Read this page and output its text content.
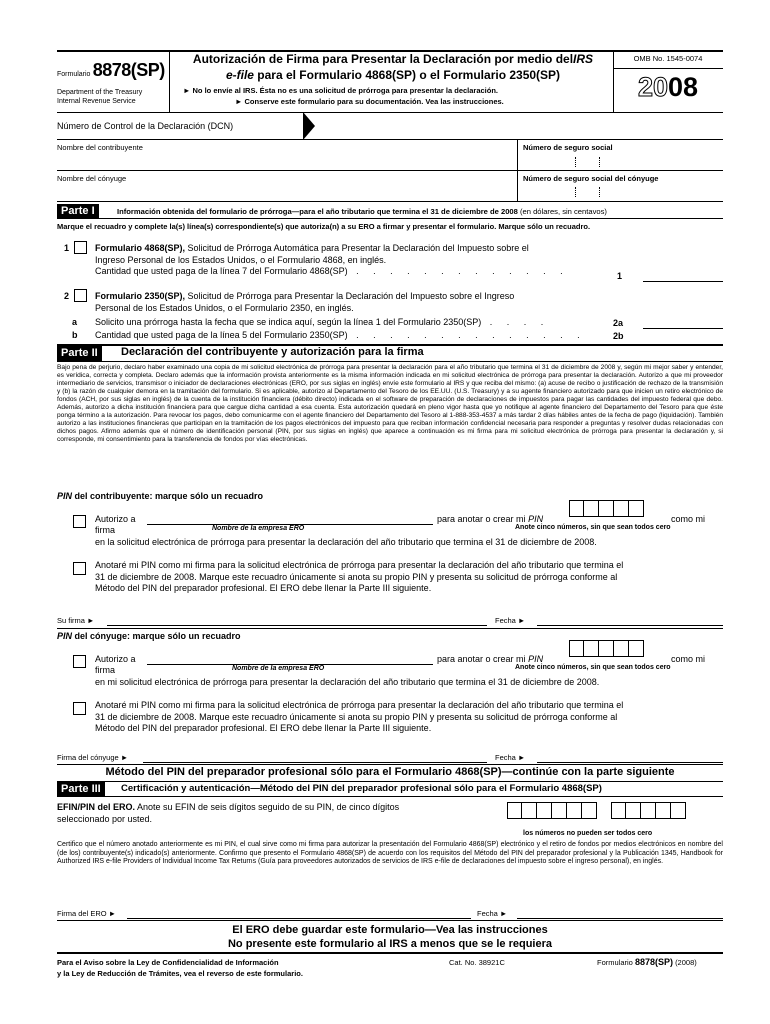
Formulario 8878(SP)
Department of the Treasury
Internal Revenue Service
Autorización de Firma para Presentar la Declaración por medio delIRS
e-file para el Formulario 4868(SP) o el Formulario 2350(SP)
► No lo envíe al IRS. Ésta no es una solicitud de prórroga para presentar la declaración.
► Conserve este formulario para su documentación. Vea las instrucciones.
OMB No. 1545-0074
2008
Número de Control de la Declaración (DCN)
Nombre del contribuyente	Número de seguro social
Nombre del cónyuge	Número de seguro social del cónyuge
Parte I	Información obtenida del formulario de prórroga—para el año tributario que termina el 31 de diciembre de 2008 (en dólares, sin centavos)
Marque el recuadro y complete la(s) línea(s) correspondiente(s) que autoriza(n) a su ERO a firmar y presentar el formulario. Marque sólo un recuadro.
1	Formulario 4868(SP), Solicitud de Prórroga Automática para Presentar la Declaración del Impuesto sobre el
Ingreso Personal de los Estados Unidos, o el Formulario 4868, en inglés.
Cantidad que usted paga de la línea 7 del Formulario 4868(SP) . . . . . . . . . . . . .	1
2	Formulario 2350(SP), Solicitud de Prórroga para Presentar la Declaración del Impuesto sobre el Ingreso
Personal de los Estados Unidos, o el Formulario 2350, en inglés.
a Solicito una prórroga hasta la fecha que se indica aquí, según la línea 1 del Formulario 2350(SP) . . . .	2a
b Cantidad que usted paga de la línea 5 del Formulario 2350(SP) . . . . . . . . . . . . . .	2b
Parte II	Declaración del contribuyente y autorización para la firma
Bajo pena de perjurio, declaro haber examinado una copia de mi solicitud electrónica de prórroga para presentar la declaración para el año tributario que termina el 31 de diciembre de 2008 y, según mi mejor saber y entender, es verídica, correcta y completa. Declaro además que la información provista anteriormente es la misma información indicada en mi solicitud electrónica de prórroga para presentar la declaración. Autorizo a que mi proveedor intermediario de servicios, transmisor o iniciador de declaraciones electrónicas (ERO, por sus siglas en inglés) envíe este formulario al IRS y que reciba del mismo: (a) acuse de recibo o justificación de rechazo de la transmisión y (b) la razón de cualquier demora en la tramitación del formulario. Si es aplicable, autorizo al Departamento del Tesoro de los EE.UU. (U.S. Treasury) y a su agente financiero autorizado para que inicien un retiro electrónico de fondos (ACH, por sus siglas en inglés) de la cuenta de la institución financiera (débito directo) indicada en el software de preparación de declaraciones de impuestos para pagar las cantidades del impuesto federal que debo. Además, autorizo a dicha institución financiera para que cargue dicha cantidad a esa cuenta. Esta autorización quedará en pleno vigor hasta que yo notifique al agente financiero del Departamento del Tesoro para que éste ponga término a la autorización. Para revocar los pagos, debo comunicarme con el agente financiero del Departamento del Tesoro al 1-888-353-4537 a más tardar 2 días hábiles antes de la fecha de pago (liquidación). También autorizo a las instituciones financieras que participan en la tramitación de los pagos electrónicos del impuesto para que reciban información confidencial necesaria para responder a preguntas y resolver dudas relacionadas con dichos pagos. Afirmo además que el número de identificación personal (PIN, por sus siglas en inglés) que aparece a continuación es mi firma para mi solicitud electrónica de prórroga para presentar la declaración y, si corresponde, mi consentimiento para la transferencia de fondos por vías electrónicas.
PIN del contribuyente: marque sólo un recuadro
Autorizo a
Nombre de la empresa ERO
para anotar o crear mi PIN	como mi
Anote cinco números, sin que sean todos cero
firma
en la solicitud electrónica de prórroga para presentar la declaración del año tributario que termina el 31 de diciembre de 2008.
Anotaré mi PIN como mi firma para la solicitud electrónica de prórroga para presentar la declaración del año tributario que termina el
31 de diciembre de 2008. Marque este recuadro únicamente si anota su propio PIN y presenta su solicitud de prórroga conforme al
Método del PIN del preparador profesional. El ERO debe llenar la Parte III siguiente.
Su firma ►	Fecha ►
PIN del cónyuge: marque sólo un recuadro
Autorizo a
Nombre de la empresa ERO
para anotar o crear mi PIN	como mi
Anote cinco números, sin que sean todos cero
firma
en mi solicitud electrónica de prórroga para presentar la declaración del año tributario que termina el 31 de diciembre de 2008.
Anotaré mi PIN como mi firma para la solicitud electrónica de prórroga para presentar la declaración del año tributario que termina el
31 de diciembre de 2008. Marque este recuadro únicamente si anota su propio PIN y presenta su solicitud de prórroga conforme al
Método del PIN del preparador profesional. El ERO debe llenar la Parte III siguiente.
Firma del cónyuge ►	Fecha ►
Método del PIN del preparador profesional sólo para el Formulario 4868(SP)—continúe con la parte siguiente
Parte III	Certificación y autenticación—Método del PIN del preparador profesional sólo para el Formulario 4868(SP)
EFIN/PIN del ERO. Anote su EFIN de seis dígitos seguido de su PIN, de cinco dígitos
seleccionado por usted.
los números no pueden ser todos cero
Certifico que el número anotado anteriormente es mi PIN, el cual sirve como mi firma para autorizar la presentación del Formulario 4868(SP) electrónico y el retiro de fondos por medios electrónicos en nombre del (de los) contribuyente(s) indicado(s) anteriormente. Confirmo que presento el Formulario 4868(SP) de acuerdo con los requisitos del Método del PIN del preparador profesional y la Publicación 1345, Handbook for Authorized IRS e-file Providers of Individual Income Tax Returns (Guía para proveedores autorizados de servicios de IRS e-file de declaraciones del impuesto sobre el ingreso personal), en inglés.
Firma del ERO ►	Fecha ►
El ERO debe guardar este formulario—Vea las instrucciones
No presente este formulario al IRS a menos que se le requiera
Para el Aviso sobre la Ley de Confidencialidad de Información
y la Ley de Reducción de Trámites, vea el reverso de este formulario.
Cat. No. 38921C	Formulario 8878(SP) (2008)
